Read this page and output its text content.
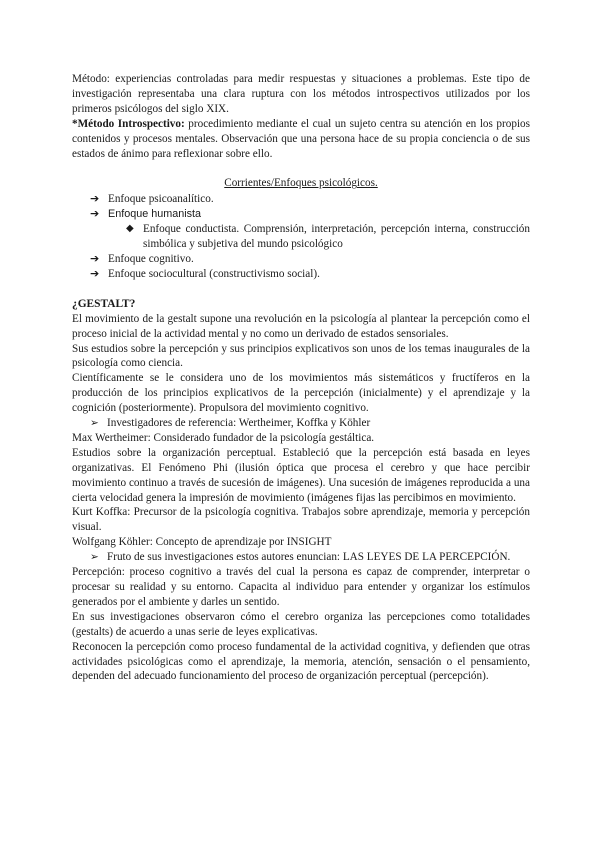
Método: experiencias controladas para medir respuestas y situaciones a problemas. Este tipo de investigación representaba una clara ruptura con los métodos introspectivos utilizados por los primeros psicólogos del siglo XIX.

*Método Introspectivo: procedimiento mediante el cual un sujeto centra su atención en los propios contenidos y procesos mentales. Observación que una persona hace de su propia conciencia o de sus estados de ánimo para reflexionar sobre ello.

Corrientes/Enfoques psicológicos.

➔ Enfoque psicoanalítico.
➔ Enfoque humanista
◆ Enfoque conductista. Comprensión, interpretación, percepción interna, construcción simbólica y subjetiva del mundo psicológico
➔ Enfoque cognitivo.
➔ Enfoque sociocultural (constructivismo social).
¿GESTALT?

El movimiento de la gestalt supone una revolución en la psicología al plantear la percepción como el proceso inicial de la actividad mental y no como un derivado de estados sensoriales.

Sus estudios sobre la percepción y sus principios explicativos son unos de los temas inaugurales de la psicología como ciencia.

Científicamente se le considera uno de los movimientos más sistemáticos y fructíferos en la producción de los principios explicativos de la percepción (inicialmente) y el aprendizaje y la cognición (posteriormente). Propulsora del movimiento cognitivo.

➢ Investigadores de referencia: Wertheimer, Koffka y Köhler

Max Wertheimer: Considerado fundador de la psicología gestáltica.

Estudios sobre la organización perceptual. Estableció que la percepción está basada en leyes organizativas. El Fenómeno Phi (ilusión óptica que procesa el cerebro y que hace percibir movimiento continuo a través de sucesión de imágenes). Una sucesión de imágenes reproducida a una cierta velocidad genera la impresión de movimiento (imágenes fijas las percibimos en movimiento.

Kurt Koffka: Precursor de la psicología cognitiva. Trabajos sobre aprendizaje, memoria y percepción visual.

Wolfgang Köhler: Concepto de aprendizaje por INSIGHT

➢ Fruto de sus investigaciones estos autores enuncian: LAS LEYES DE LA PERCEPCIÓN.

Percepción: proceso cognitivo a través del cual la persona es capaz de comprender, interpretar o procesar su realidad y su entorno. Capacita al individuo para entender y organizar los estímulos generados por el ambiente y darles un sentido.

En sus investigaciones observaron cómo el cerebro organiza las percepciones como totalidades (gestalts) de acuerdo a unas serie de leyes explicativas.

Reconocen la percepción como proceso fundamental de la actividad cognitiva, y defienden que otras actividades psicológicas como el aprendizaje, la memoria, atención, sensación o el pensamiento, dependen del adecuado funcionamiento del proceso de organización perceptual (percepción).
